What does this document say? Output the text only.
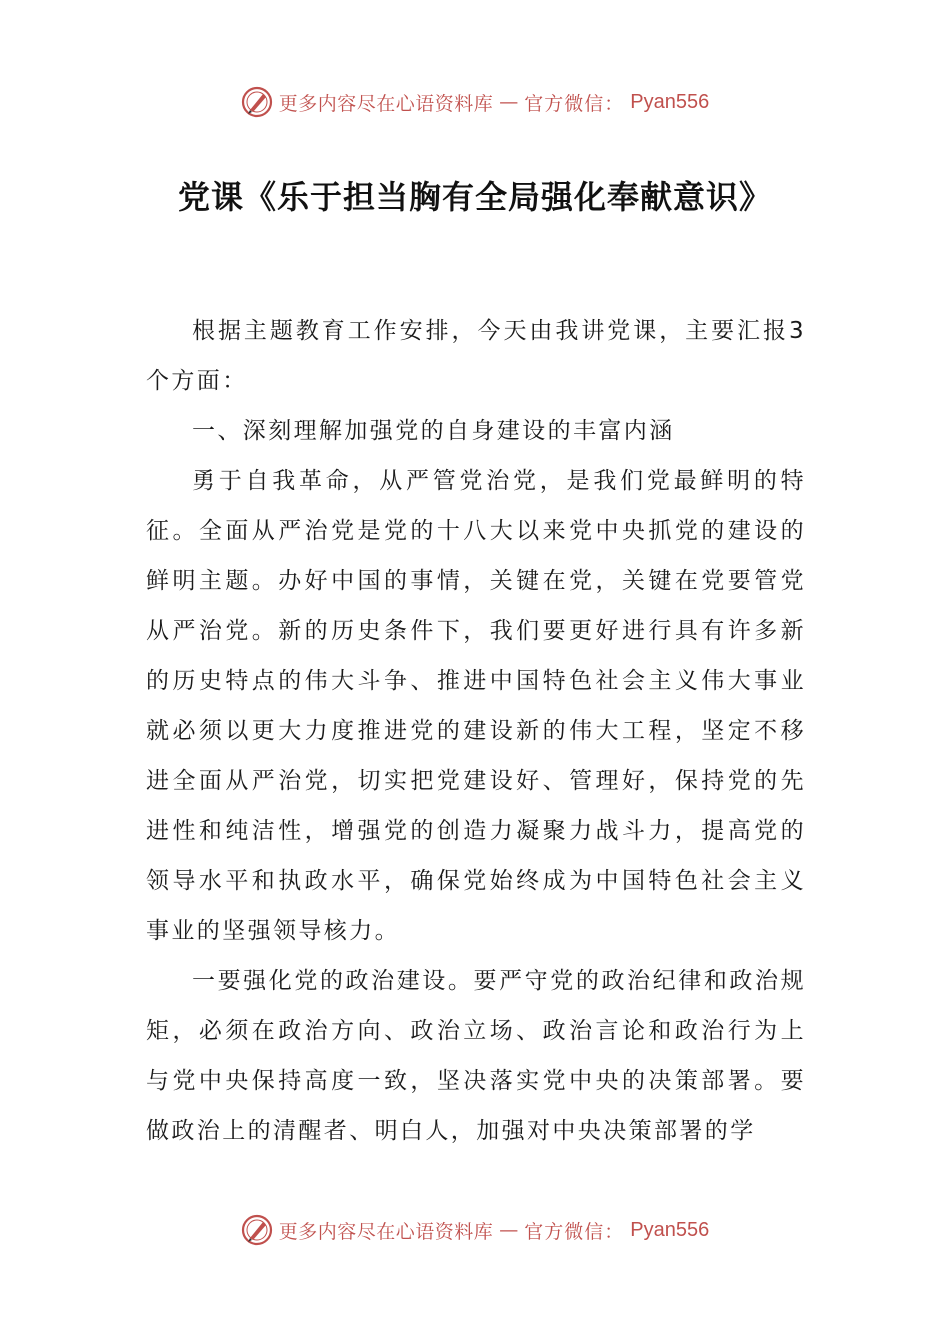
更多内容尽在心语资料库 — 官方微信： Pyan556
党课《乐于担当胸有全局强化奉献意识》

根据主题教育工作安排，今天由我讲党课，主要汇报3个方面：

一、深刻理解加强党的自身建设的丰富内涵

勇于自我革命，从严管党治党，是我们党最鲜明的特征。全面从严治党是党的十八大以来党中央抓党的建设的鲜明主题。办好中国的事情，关键在党，关键在党要管党从严治党。新的历史条件下，我们要更好进行具有许多新的历史特点的伟大斗争、推进中国特色社会主义伟大事业就必须以更大力度推进党的建设新的伟大工程，坚定不移进全面从严治党，切实把党建设好、管理好，保持党的先进性和纯洁性，增强党的创造力凝聚力战斗力，提高党的领导水平和执政水平，确保党始终成为中国特色社会主义事业的坚强领导核力。

一要强化党的政治建设。要严守党的政治纪律和政治规矩，必须在政治方向、政治立场、政治言论和政治行为上与党中央保持高度一致，坚决落实党中央的决策部署。要做政治上的清醒者、明白人，加强对中央决策部署的学

更多内容尽在心语资料库 — 官方微信： Pyan556
